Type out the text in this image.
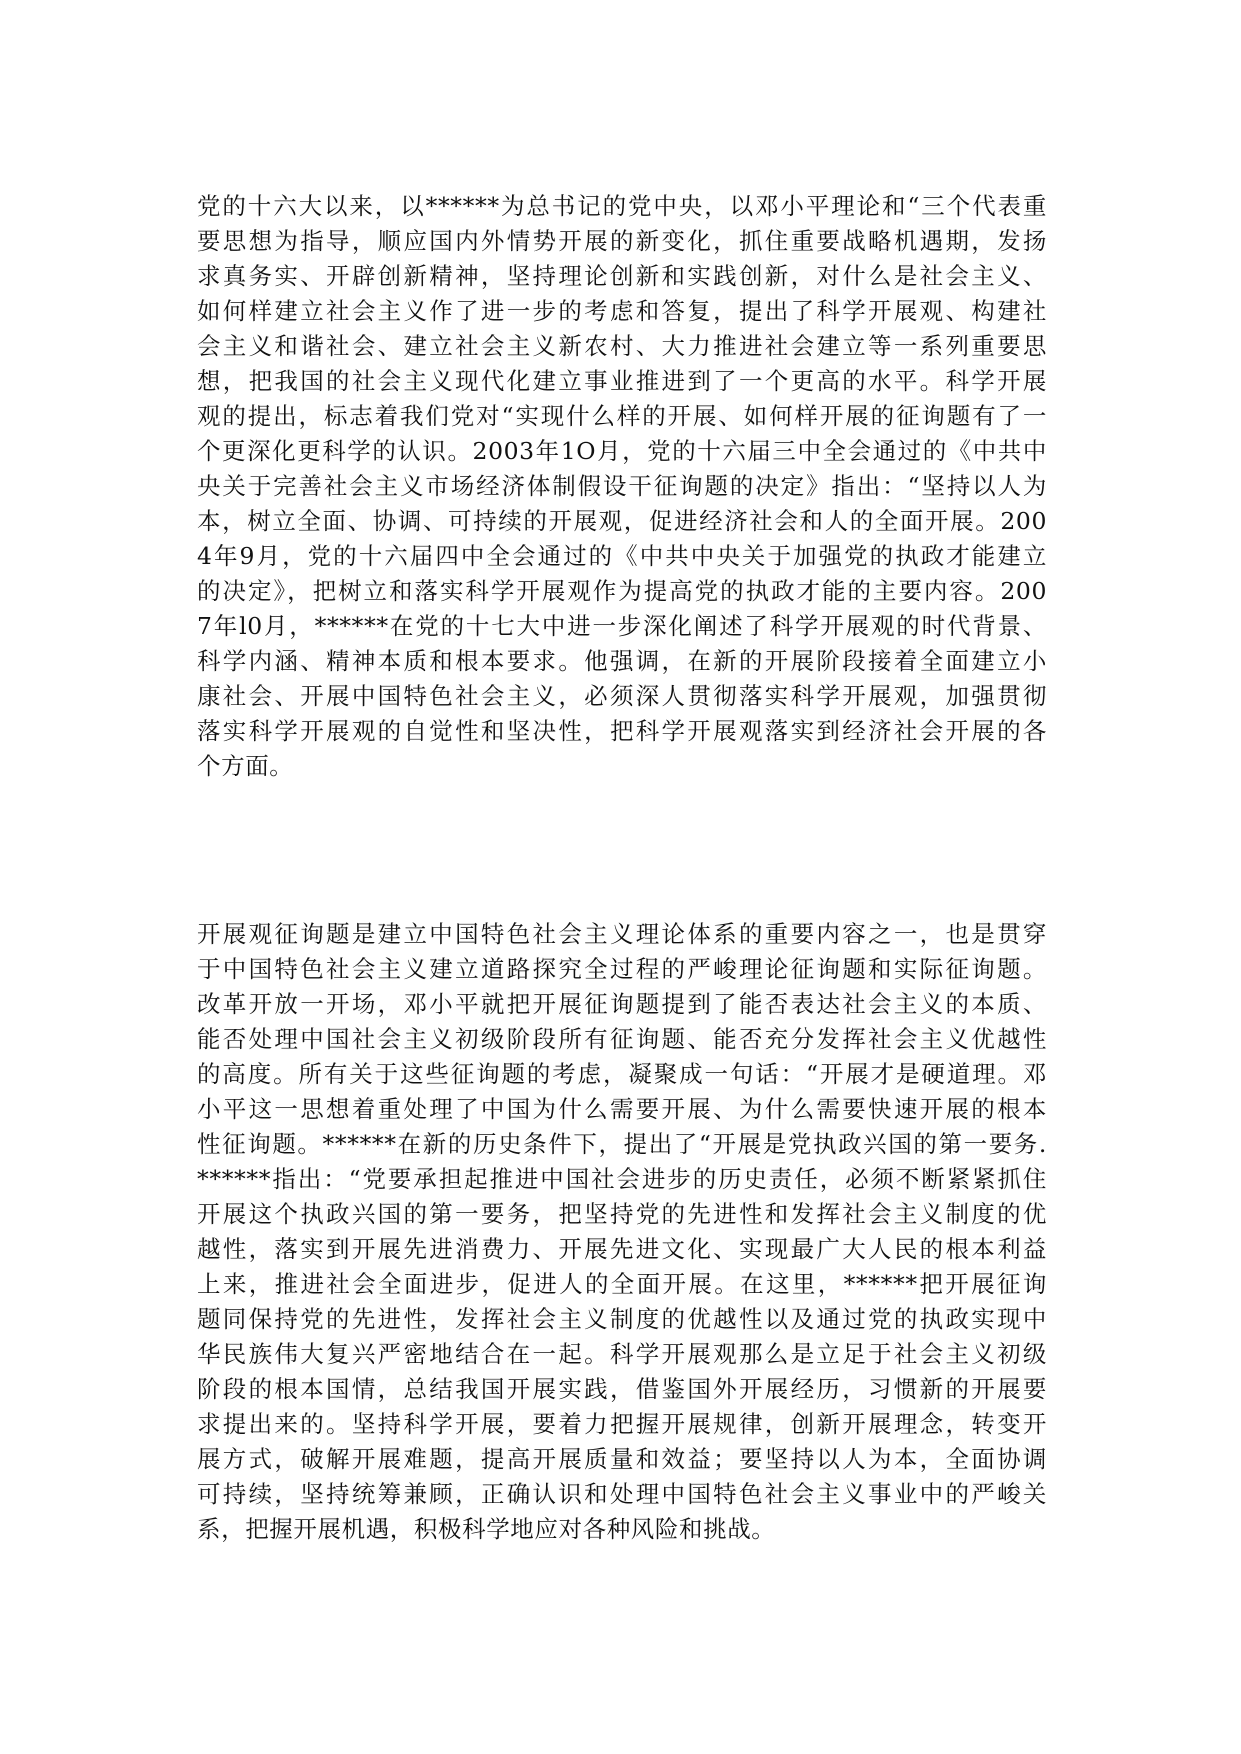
党的十六大以来，以******为总书记的党中央，以邓小平理论和“三个代表重
要思想为指导，顺应国内外情势开展的新变化，抓住重要战略机遇期，发扬
求真务实、开辟创新精神，坚持理论创新和实践创新，对什么是社会主义、
如何样建立社会主义作了进一步的考虑和答复，提出了科学开展观、构建社
会主义和谐社会、建立社会主义新农村、大力推进社会建立等一系列重要思
想，把我国的社会主义现代化建立事业推进到了一个更高的水平。科学开展
观的提出，标志着我们党对“实现什么样的开展、如何样开展的征询题有了一
个更深化更科学的认识。2003年1O月，党的十六届三中全会通过的《中共中
央关于完善社会主义市场经济体制假设干征询题的决定》指出：“坚持以人为
本，树立全面、协调、可持续的开展观，促进经济社会和人的全面开展。200
4年9月，党的十六届四中全会通过的《中共中央关于加强党的执政才能建立
的决定》，把树立和落实科学开展观作为提高党的执政才能的主要内容。200
7年l0月，******在党的十七大中进一步深化阐述了科学开展观的时代背景、
科学内涵、精神本质和根本要求。他强调，在新的开展阶段接着全面建立小
康社会、开展中国特色社会主义，必须深人贯彻落实科学开展观，加强贯彻
落实科学开展观的自觉性和坚决性，把科学开展观落实到经济社会开展的各
个方面。
开展观征询题是建立中国特色社会主义理论体系的重要内容之一，也是贯穿
于中国特色社会主义建立道路探究全过程的严峻理论征询题和实际征询题。
改革开放一开场，邓小平就把开展征询题提到了能否表达社会主义的本质、
能否处理中国社会主义初级阶段所有征询题、能否充分发挥社会主义优越性
的高度。所有关于这些征询题的考虑，凝聚成一句话：“开展才是硬道理。邓
小平这一思想着重处理了中国为什么需要开展、为什么需要快速开展的根本
性征询题。******在新的历史条件下，提出了“开展是党执政兴国的第一要务.
******指出：“党要承担起推进中国社会进步的历史责任，必须不断紧紧抓住
开展这个执政兴国的第一要务，把坚持党的先进性和发挥社会主义制度的优
越性，落实到开展先进消费力、开展先进文化、实现最广大人民的根本利益
上来，推进社会全面进步，促进人的全面开展。在这里，******把开展征询
题同保持党的先进性，发挥社会主义制度的优越性以及通过党的执政实现中
华民族伟大复兴严密地结合在一起。科学开展观那么是立足于社会主义初级
阶段的根本国情，总结我国开展实践，借鉴国外开展经历，习惯新的开展要
求提出来的。坚持科学开展，要着力把握开展规律，创新开展理念，转变开
展方式，破解开展难题，提高开展质量和效益；要坚持以人为本，全面协调
可持续，坚持统筹兼顾，正确认识和处理中国特色社会主义事业中的严峻关
系，把握开展机遇，积极科学地应对各种风险和挑战。
